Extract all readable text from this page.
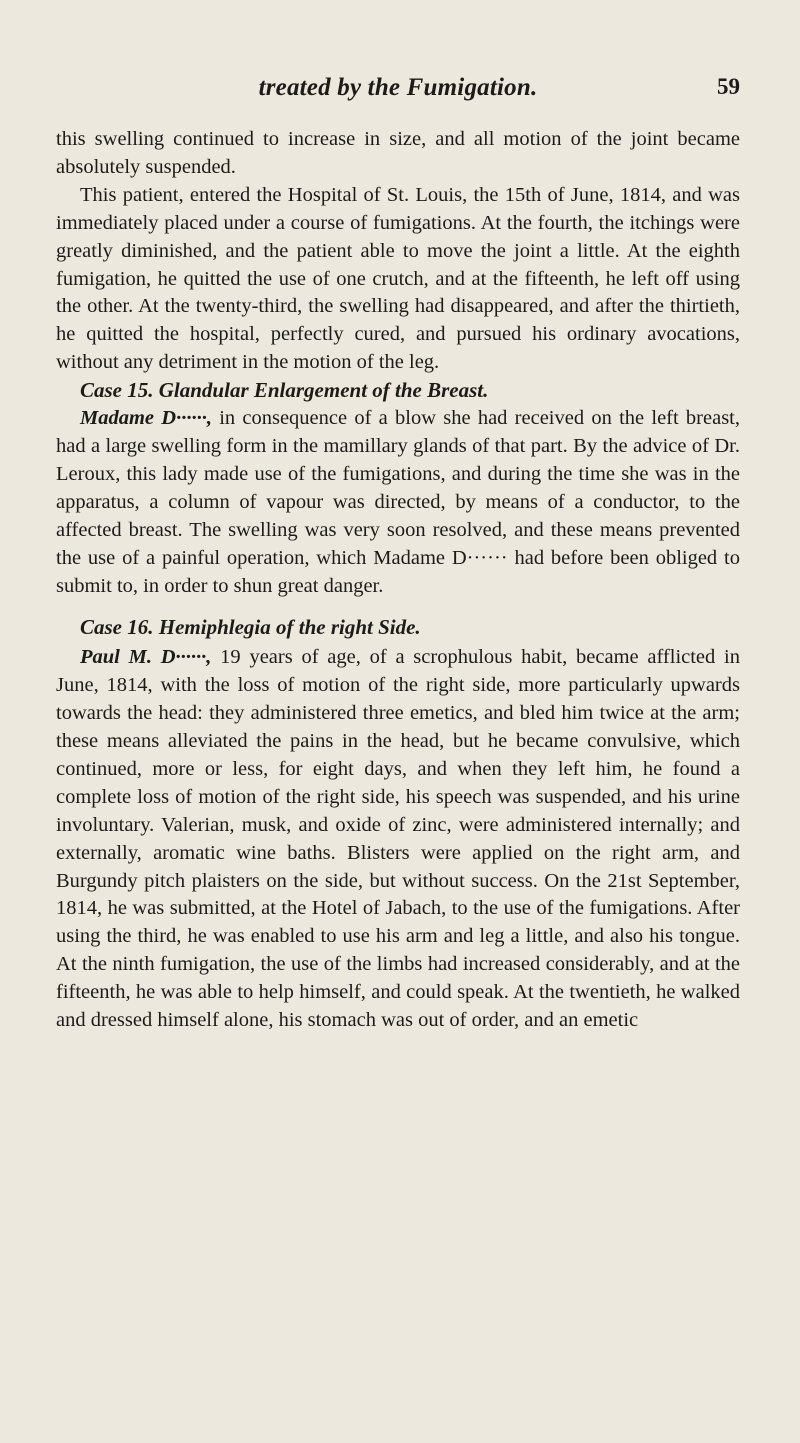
treated by the Fumigation.	59

this swelling continued to increase in size, and all motion of the joint became absolutely suspended.

This patient, entered the Hospital of St. Louis, the 15th of June, 1814, and was immediately placed under a course of fumigations. At the fourth, the itchings were greatly diminished, and the patient able to move the joint a little. At the eighth fumigation, he quitted the use of one crutch, and at the fifteenth, he left off using the other. At the twenty-third, the swelling had disappeared, and after the thirtieth, he quitted the hospital, perfectly cured, and pursued his ordinary avocations, without any detriment in the motion of the leg.

Case 15. Glandular Enlargement of the Breast.

Madame D······, in consequence of a blow she had received on the left breast, had a large swelling form in the mamillary glands of that part. By the advice of Dr. Leroux, this lady made use of the fumigations, and during the time she was in the apparatus, a column of vapour was directed, by means of a conductor, to the affected breast. The swelling was very soon resolved, and these means prevented the use of a painful operation, which Madame D······ had before been obliged to submit to, in order to shun great danger.

Case 16. Hemiphlegia of the right Side.

Paul M. D······, 19 years of age, of a scrophulous habit, became afflicted in June, 1814, with the loss of motion of the right side, more particularly upwards towards the head: they administered three emetics, and bled him twice at the arm; these means alleviated the pains in the head, but he became convulsive, which continued, more or less, for eight days, and when they left him, he found a complete loss of motion of the right side, his speech was suspended, and his urine involuntary. Valerian, musk, and oxide of zinc, were administered internally; and externally, aromatic wine baths. Blisters were applied on the right arm, and Burgundy pitch plaisters on the side, but without success. On the 21st September, 1814, he was submitted, at the Hotel of Jabach, to the use of the fumigations. After using the third, he was enabled to use his arm and leg a little, and also his tongue. At the ninth fumigation, the use of the limbs had increased considerably, and at the fifteenth, he was able to help himself, and could speak. At the twentieth, he walked and dressed himself alone, his stomach was out of order, and an emetic
